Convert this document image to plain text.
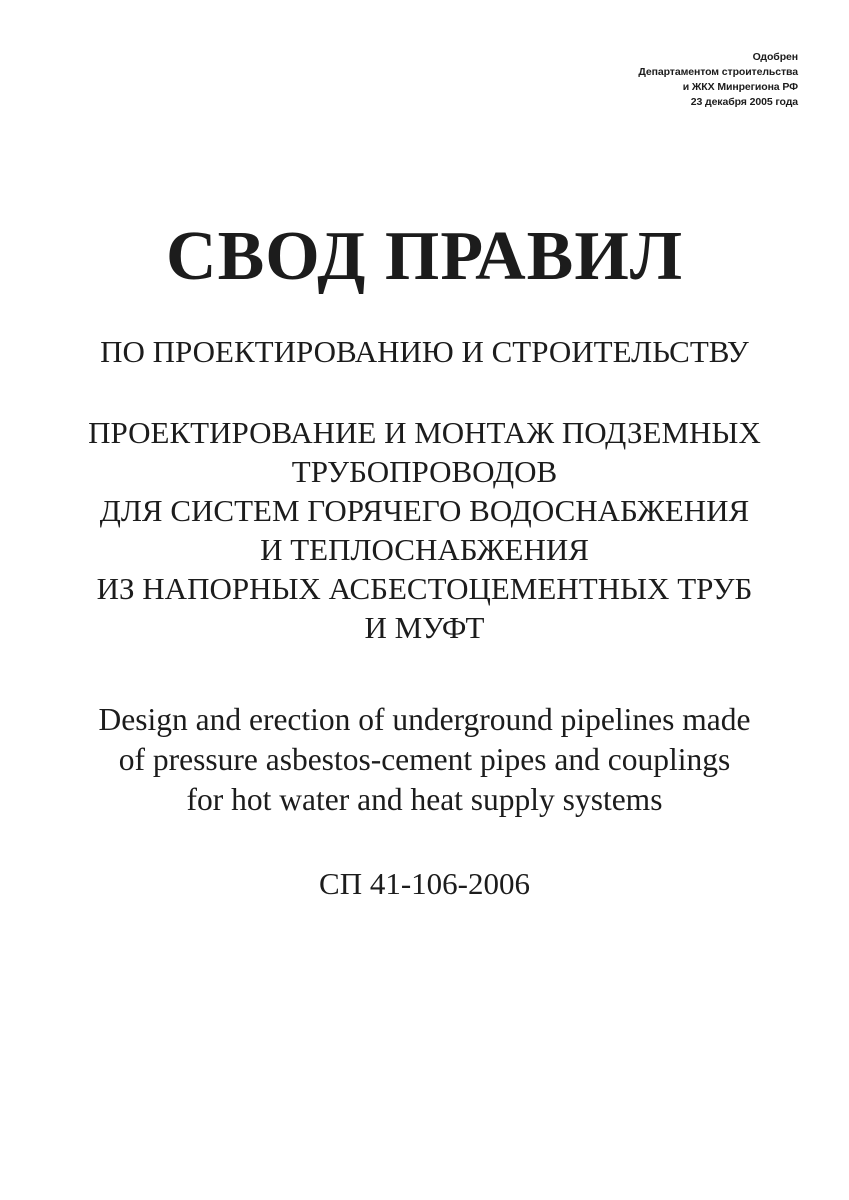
Одобрен
Департаментом строительства
и ЖКХ Минрегиона РФ
23 декабря 2005 года
СВОД ПРАВИЛ
ПО ПРОЕКТИРОВАНИЮ И СТРОИТЕЛЬСТВУ
ПРОЕКТИРОВАНИЕ И МОНТАЖ ПОДЗЕМНЫХ
ТРУБОПРОВОДОВ
ДЛЯ СИСТЕМ ГОРЯЧЕГО ВОДОСНАБЖЕНИЯ
И ТЕПЛОСНАБЖЕНИЯ
ИЗ НАПОРНЫХ АСБЕСТОЦЕМЕНТНЫХ ТРУБ
И МУФТ
Design and erection of underground pipelines made
of pressure asbestos-cement pipes and couplings
for hot water and heat supply systems
СП 41-106-2006
